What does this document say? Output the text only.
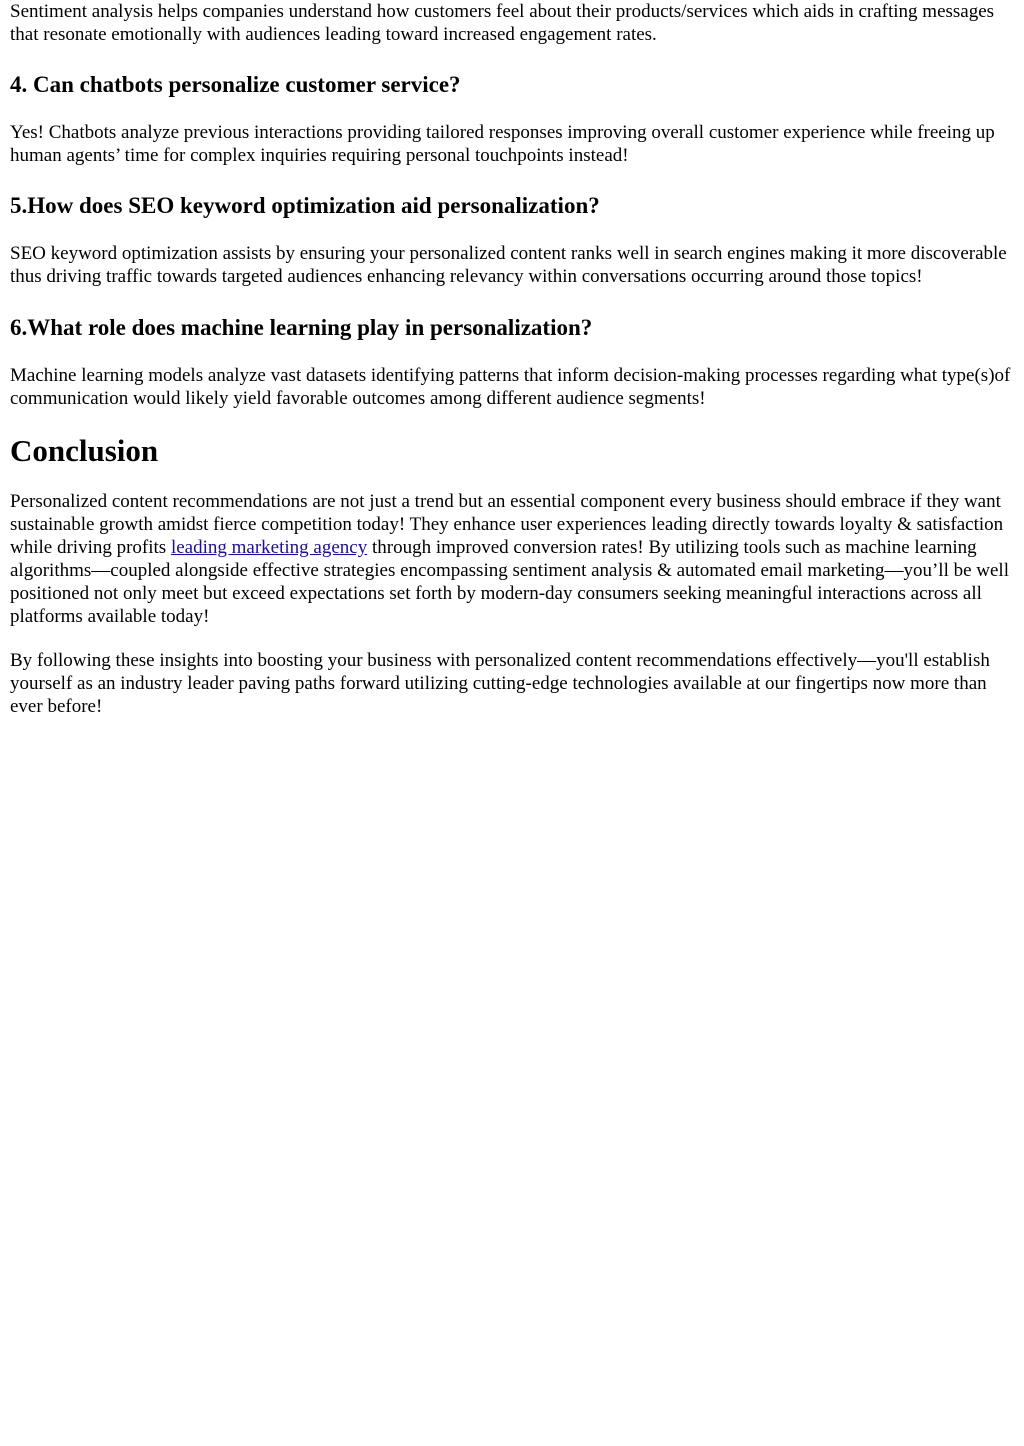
Sentiment analysis helps companies understand how customers feel about their products/services which aids in crafting messages that resonate emotionally with audiences leading toward increased engagement rates.

4. Can chatbots personalize customer service?

Yes! Chatbots analyze previous interactions providing tailored responses improving overall customer experience while freeing up human agents’ time for complex inquiries requiring personal touchpoints instead!

5.How does SEO keyword optimization aid personalization?

SEO keyword optimization assists by ensuring your personalized content ranks well in search engines making it more discoverable thus driving traffic towards targeted audiences enhancing relevancy within conversations occurring around those topics!

6.What role does machine learning play in personalization?

Machine learning models analyze vast datasets identifying patterns that inform decision-making processes regarding what type(s)of communication would likely yield favorable outcomes among different audience segments!

Conclusion

Personalized content recommendations are not just a trend but an essential component every business should embrace if they want sustainable growth amidst fierce competition today! They enhance user experiences leading directly towards loyalty & satisfaction while driving profits leading marketing agency through improved conversion rates! By utilizing tools such as machine learning algorithms—coupled alongside effective strategies encompassing sentiment analysis & automated email marketing—you’ll be well positioned not only meet but exceed expectations set forth by modern-day consumers seeking meaningful interactions across all platforms available today!

By following these insights into boosting your business with personalized content recommendations effectively—you'll establish yourself as an industry leader paving paths forward utilizing cutting-edge technologies available at our fingertips now more than ever before!
